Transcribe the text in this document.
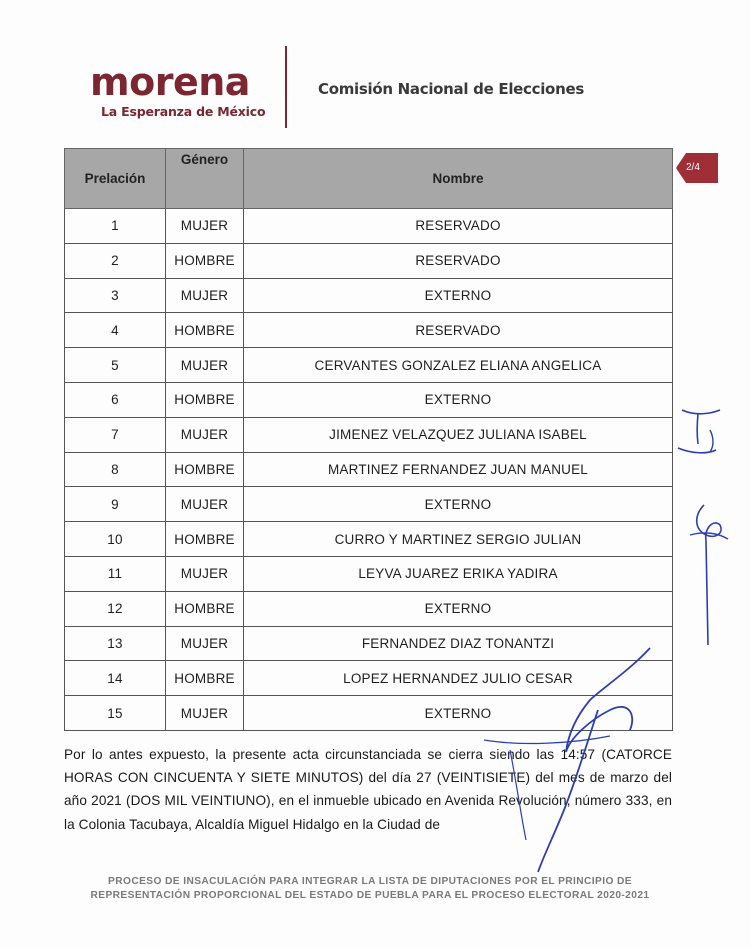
morena
La Esperanza de México
Comisión Nacional de Elecciones
2/4
Prelación	Género	Nombre
1	MUJER	RESERVADO
2	HOMBRE	RESERVADO
3	MUJER	EXTERNO
4	HOMBRE	RESERVADO
5	MUJER	CERVANTES GONZALEZ ELIANA ANGELICA
6	HOMBRE	EXTERNO
7	MUJER	JIMENEZ VELAZQUEZ JULIANA ISABEL
8	HOMBRE	MARTINEZ FERNANDEZ JUAN MANUEL
9	MUJER	EXTERNO
10	HOMBRE	CURRO Y MARTINEZ SERGIO JULIAN
11	MUJER	LEYVA JUAREZ ERIKA YADIRA
12	HOMBRE	EXTERNO
13	MUJER	FERNANDEZ DIAZ TONANTZI
14	HOMBRE	LOPEZ HERNANDEZ JULIO CESAR
15	MUJER	EXTERNO
Por lo antes expuesto, la presente acta circunstanciada se cierra siendo las 14:57 (CATORCE HORAS CON CINCUENTA Y SIETE MINUTOS) del día 27 (VEINTISIETE) del mes de marzo del año 2021 (DOS MIL VEINTIUNO), en el inmueble ubicado en Avenida Revolución, número 333, en la Colonia Tacubaya, Alcaldía Miguel Hidalgo en la Ciudad de
PROCESO DE INSACULACIÓN PARA INTEGRAR LA LISTA DE DIPUTACIONES POR EL PRINCIPIO DE REPRESENTACIÓN PROPORCIONAL DEL ESTADO DE PUEBLA PARA EL PROCESO ELECTORAL 2020-2021
